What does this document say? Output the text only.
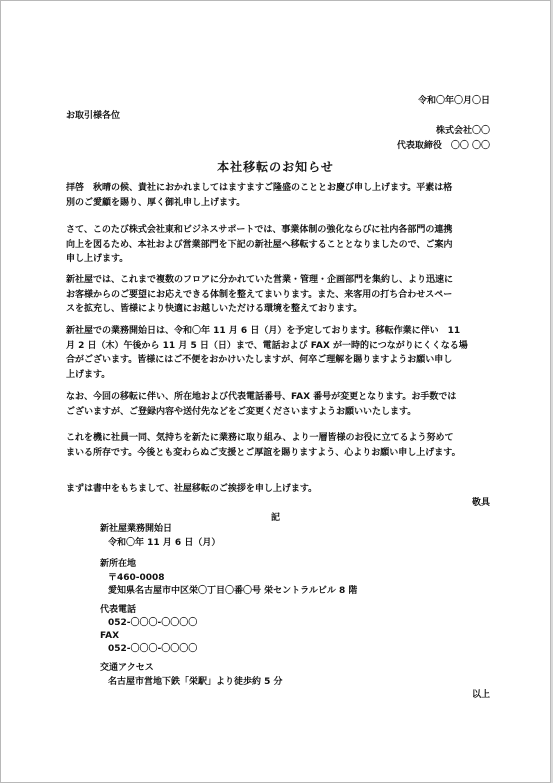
令和〇年〇月〇日
お取引様各位
株式会社〇〇
代表取締役　〇〇 〇〇
本社移転のお知らせ
拝啓　秋晴の候、貴社におかれましてはますますご隆盛のこととお慶び申し上げます。平素は格
別のご愛顧を賜り、厚く御礼申し上げます。
さて、このたび株式会社東和ビジネスサポートでは、事業体制の強化ならびに社内各部門の連携
向上を図るため、本社および営業部門を下記の新社屋へ移転することとなりましたので、ご案内
申し上げます。
新社屋では、これまで複数のフロアに分かれていた営業・管理・企画部門を集約し、より迅速に
お客様からのご要望にお応えできる体制を整えてまいります。また、来客用の打ち合わせスペー
スを拡充し、皆様により快適にお越しいただける環境を整えております。
新社屋での業務開始日は、令和〇年 11 月 6 日（月）を予定しております。移転作業に伴い　11
月 2 日（木）午後から 11 月 5 日（日）まで、電話および FAX が一時的につながりにくくなる場
合がございます。皆様にはご不便をおかけいたしますが、何卒ご理解を賜りますようお願い申し
上げます。
なお、今回の移転に伴い、所在地および代表電話番号、FAX 番号が変更となります。お手数では
ございますが、ご登録内容や送付先などをご変更くださいますようお願いいたします。
これを機に社員一同、気持ちを新たに業務に取り組み、より一層皆様のお役に立てるよう努めて
まいる所存です。今後とも変わらぬご支援とご厚誼を賜りますよう、心よりお願い申し上げます。
まずは書中をもちまして、社屋移転のご挨拶を申し上げます。
敬具
記
新社屋業務開始日
令和〇年 11 月 6 日（月）
新所在地
〒460-0008
愛知県名古屋市中区栄〇丁目〇番〇号 栄セントラルビル 8 階
代表電話
052-〇〇〇-〇〇〇〇
FAX
052-〇〇〇-〇〇〇〇
交通アクセス
名古屋市営地下鉄「栄駅」より徒歩約 5 分
以上
